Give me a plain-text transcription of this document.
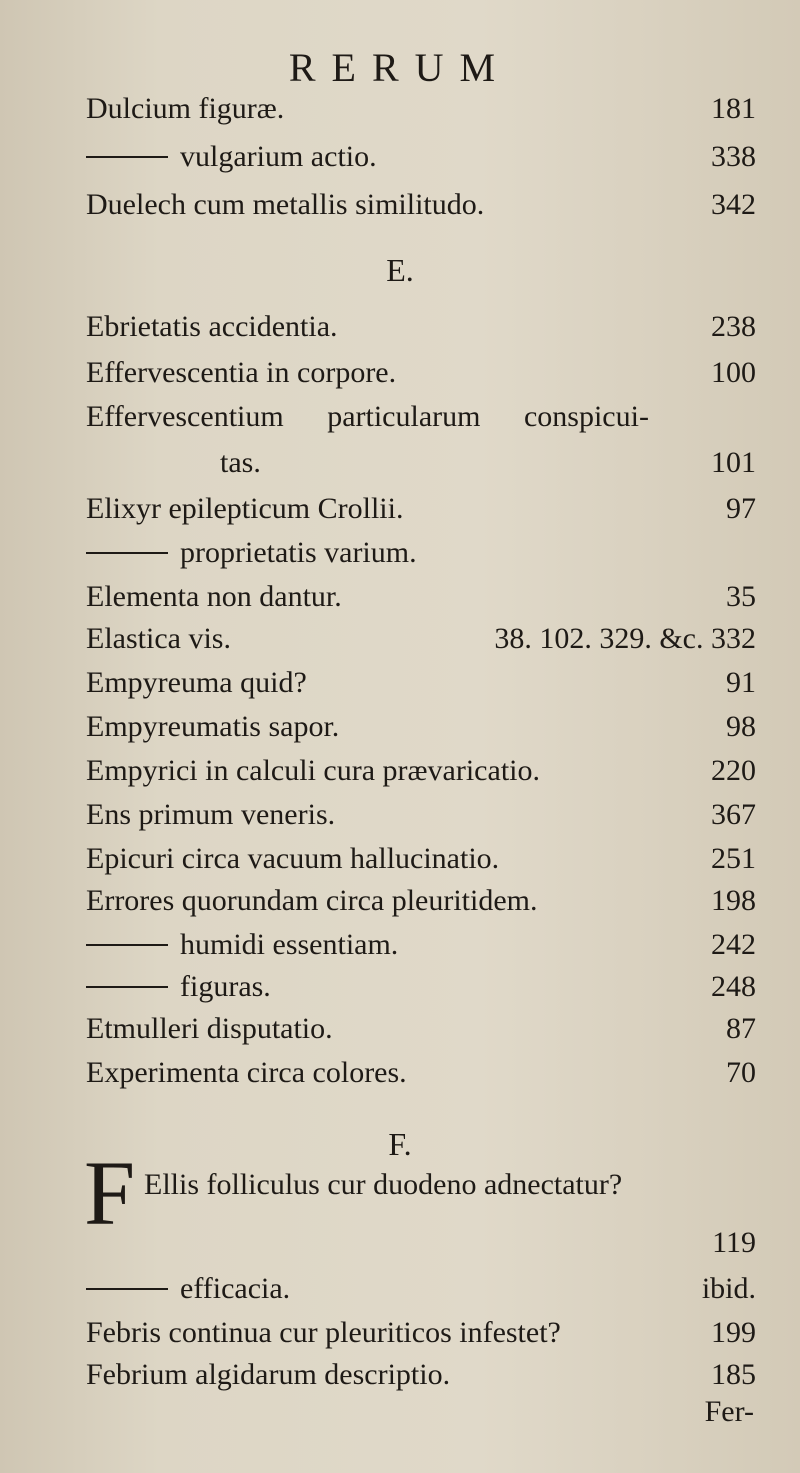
RERUM
Dulcium figuræ.	181
vulgarium actio.	338
Duelech cum metallis similitudo.	342
E.
Ebrietatis accidentia.	238
Effervescentia in corpore.	100
Effervescentium particularum conspicui-
tas.	101
Elixyr epilepticum Crollii.	97
proprietatis varium.
Elementa non dantur.	35
Elastica vis.	38. 102. 329. &c. 332
Empyreuma quid?	91
Empyreumatis sapor.	98
Empyrici in calculi cura prævaricatio.	220
Ens primum veneris.	367
Epicuri circa vacuum hallucinatio.	251
Errores quorundam circa pleuritidem.	198
humidi essentiam.	242
figuras.	248
Etmulleri disputatio.	87
Experimenta circa colores.	70
F.
F Ellis folliculus cur duodeno adnectatur?
119
efficacia.	ibid.
Febris continua cur pleuriticos infestet?	199
Febrium algidarum descriptio.	185
Fer-
